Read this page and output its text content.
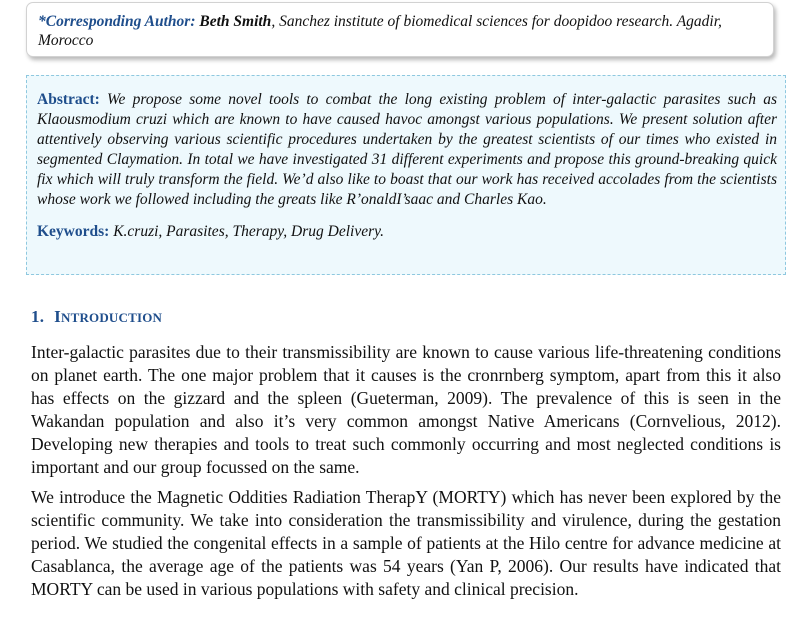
*Corresponding Author: Beth Smith, Sanchez institute of biomedical sciences for doopidoo research. Agadir, Morocco

Abstract: We propose some novel tools to combat the long existing problem of inter-galactic parasites such as Klaousmodium cruzi which are known to have caused havoc amongst various populations. We present solution after attentively observing various scientific procedures undertaken by the greatest scientists of our times who existed in segmented Claymation. In total we have investigated 31 different experiments and propose this ground-breaking quick fix which will truly transform the field. We’d also like to boast that our work has received accolades from the scientists whose work we followed including the greats like R’onaldI’saac and Charles Kao.

Keywords: K.cruzi, Parasites, Therapy, Drug Delivery.

1. INTRODUCTION

Inter-galactic parasites due to their transmissibility are known to cause various life-threatening conditions on planet earth. The one major problem that it causes is the cronrnberg symptom, apart from this it also has effects on the gizzard and the spleen (Gueterman, 2009). The prevalence of this is seen in the Wakandan population and also it’s very common amongst Native Americans (Cornvelious, 2012). Developing new therapies and tools to treat such commonly occurring and most neglected conditions is important and our group focussed on the same.

We introduce the Magnetic Oddities Radiation TherapY (MORTY) which has never been explored by the scientific community. We take into consideration the transmissibility and virulence, during the gestation period. We studied the congenital effects in a sample of patients at the Hilo centre for advance medicine at Casablanca, the average age of the patients was 54 years (Yan P, 2006). Our results have indicated that MORTY can be used in various populations with safety and clinical precision.
